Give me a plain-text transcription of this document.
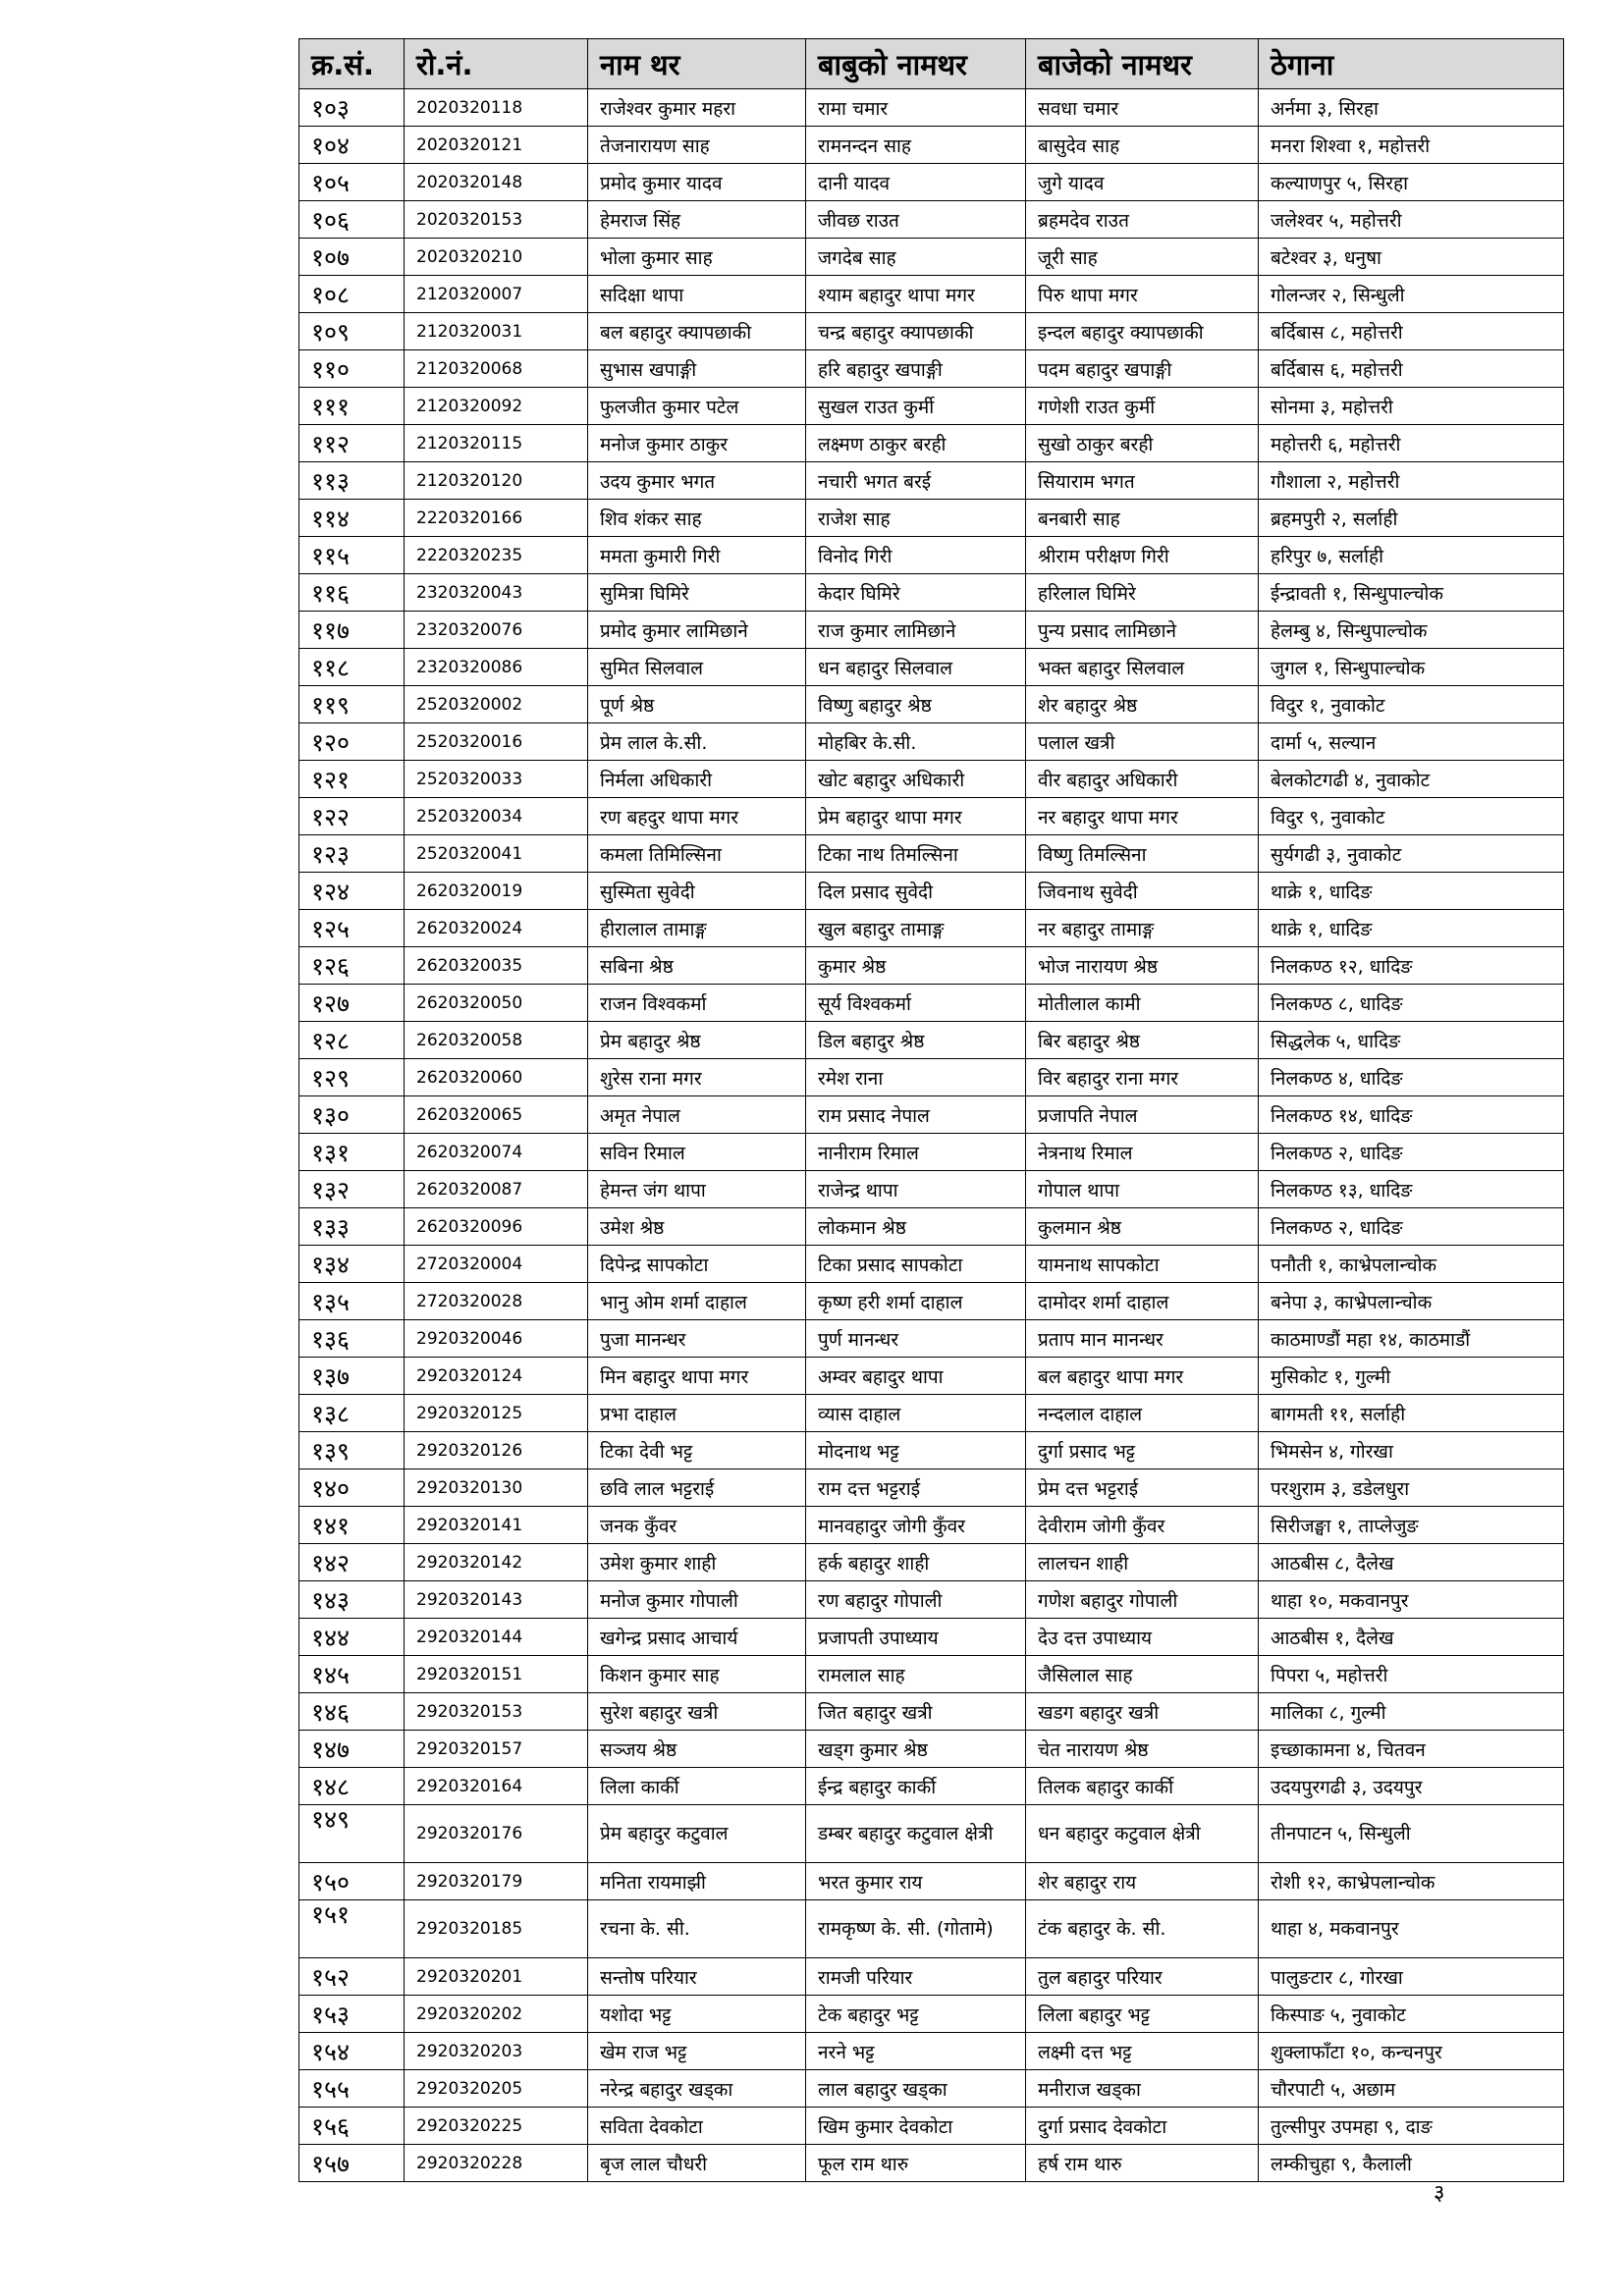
क्र.सं.	रो.नं.	नाम थर	बाबुको नामथर	बाजेको नामथर	ठेगाना
१०३	2020320118	राजेश्वर कुमार महरा	रामा चमार	सवधा चमार	अर्नमा ३, सिरहा
१०४	2020320121	तेजनारायण साह	रामनन्दन साह	बासुदेव साह	मनरा शिश्वा १, महोत्तरी
१०५	2020320148	प्रमोद कुमार यादव	दानी यादव	जुगे यादव	कल्याणपुर ५, सिरहा
१०६	2020320153	हेमराज सिंह	जीवछ राउत	ब्रहमदेव राउत	जलेश्वर ५, महोत्तरी
१०७	2020320210	भोला कुमार साह	जगदेब साह	जूरी साह	बटेश्वर ३, धनुषा
१०८	2120320007	सदिक्षा थापा	श्याम बहादुर थापा मगर	पिरु थापा मगर	गोलन्जर २, सिन्धुली
१०९	2120320031	बल बहादुर क्यापछाकी	चन्द्र बहादुर क्यापछाकी	इन्दल बहादुर क्यापछाकी	बर्दिबास ८, महोत्तरी
११०	2120320068	सुभास खपाङ्गी	हरि बहादुर खपाङ्गी	पदम बहादुर खपाङ्गी	बर्दिबास ६, महोत्तरी
१११	2120320092	फुलजीत कुमार पटेल	सुखल राउत कुर्मी	गणेशी राउत कुर्मी	सोनमा ३, महोत्तरी
११२	2120320115	मनोज कुमार ठाकुर	लक्ष्मण ठाकुर बरही	सुखो ठाकुर बरही	महोत्तरी ६, महोत्तरी
११३	2120320120	उदय कुमार भगत	नचारी भगत बरई	सियाराम भगत	गौशाला २, महोत्तरी
११४	2220320166	शिव शंकर साह	राजेश साह	बनबारी साह	ब्रहमपुरी २, सर्लाही
११५	2220320235	ममता कुमारी गिरी	विनोद गिरी	श्रीराम परीक्षण गिरी	हरिपुर ७, सर्लाही
११६	2320320043	सुमित्रा घिमिरे	केदार घिमिरे	हरिलाल घिमिरे	ईन्द्रावती १, सिन्धुपाल्चोक
११७	2320320076	प्रमोद कुमार लामिछाने	राज कुमार लामिछाने	पुन्य प्रसाद लामिछाने	हेलम्बु ४, सिन्धुपाल्चोक
११८	2320320086	सुमित सिलवाल	धन बहादुर सिलवाल	भक्त बहादुर सिलवाल	जुगल १, सिन्धुपाल्चोक
११९	2520320002	पूर्ण श्रेष्ठ	विष्णु बहादुर श्रेष्ठ	शेर बहादुर श्रेष्ठ	विदुर १, नुवाकोट
१२०	2520320016	प्रेम लाल के.सी.	मोहबिर के.सी.	पलाल खत्री	दार्मा ५, सल्यान
१२१	2520320033	निर्मला अधिकारी	खोट बहादुर अधिकारी	वीर बहादुर अधिकारी	बेलकोटगढी ४, नुवाकोट
१२२	2520320034	रण बहदुर थापा मगर	प्रेम बहादुर थापा मगर	नर बहादुर थापा मगर	विदुर ९, नुवाकोट
१२३	2520320041	कमला तिमिल्सिना	टिका नाथ तिमल्सिना	विष्णु तिमल्सिना	सुर्यगढी ३, नुवाकोट
१२४	2620320019	सुस्मिता सुवेदी	दिल प्रसाद सुवेदी	जिवनाथ सुवेदी	थाक्रे १, धादिङ
१२५	2620320024	हीरालाल तामाङ्ग	खुल बहादुर तामाङ्ग	नर बहादुर तामाङ्ग	थाक्रे १, धादिङ
१२६	2620320035	सबिना श्रेष्ठ	कुमार श्रेष्ठ	भोज नारायण श्रेष्ठ	निलकण्ठ १२, धादिङ
१२७	2620320050	राजन विश्वकर्मा	सूर्य विश्वकर्मा	मोतीलाल कामी	निलकण्ठ ८, धादिङ
१२८	2620320058	प्रेम बहादुर श्रेष्ठ	डिल बहादुर श्रेष्ठ	बिर बहादुर श्रेष्ठ	सिद्धलेक ५, धादिङ
१२९	2620320060	शुरेस राना मगर	रमेश राना	विर बहादुर राना मगर	निलकण्ठ ४, धादिङ
१३०	2620320065	अमृत नेपाल	राम प्रसाद नेपाल	प्रजापति नेपाल	निलकण्ठ १४, धादिङ
१३१	2620320074	सविन रिमाल	नानीराम रिमाल	नेत्रनाथ रिमाल	निलकण्ठ २, धादिङ
१३२	2620320087	हेमन्त जंग थापा	राजेन्द्र थापा	गोपाल थापा	निलकण्ठ १३, धादिङ
१३३	2620320096	उमेश श्रेष्ठ	लोकमान श्रेष्ठ	कुलमान श्रेष्ठ	निलकण्ठ २, धादिङ
१३४	2720320004	दिपेन्द्र सापकोटा	टिका प्रसाद सापकोटा	यामनाथ सापकोटा	पनौती १, काभ्रेपलान्चोक
१३५	2720320028	भानु ओम शर्मा दाहाल	कृष्ण हरी शर्मा दाहाल	दामोदर शर्मा दाहाल	बनेपा ३, काभ्रेपलान्चोक
१३६	2920320046	पुजा मानन्धर	पुर्ण मानन्धर	प्रताप मान मानन्धर	काठमाण्डौं महा १४, काठमाडौं
१३७	2920320124	मिन बहादुर थापा मगर	अम्वर बहादुर थापा	बल बहादुर थापा मगर	मुसिकोट १, गुल्मी
१३८	2920320125	प्रभा दाहाल	व्यास दाहाल	नन्दलाल दाहाल	बागमती ११, सर्लाही
१३९	2920320126	टिका देवी भट्ट	मोदनाथ भट्ट	दुर्गा प्रसाद भट्ट	भिमसेन ४, गोरखा
१४०	2920320130	छवि लाल भट्टराई	राम दत्त भट्टराई	प्रेम दत्त भट्टराई	परशुराम ३, डडेलधुरा
१४१	2920320141	जनक कुँवर	मानवहादुर जोगी कुँवर	देवीराम जोगी कुँवर	सिरीजङ्घा १, ताप्लेजुङ
१४२	2920320142	उमेश कुमार शाही	हर्क बहादुर शाही	लालचन शाही	आठबीस ८, दैलेख
१४३	2920320143	मनोज कुमार गोपाली	रण बहादुर गोपाली	गणेश बहादुर गोपाली	थाहा १०, मकवानपुर
१४४	2920320144	खगेन्द्र प्रसाद आचार्य	प्रजापती उपाध्याय	देउ दत्त उपाध्याय	आठबीस १, दैलेख
१४५	2920320151	किशन कुमार साह	रामलाल साह	जैसिलाल साह	पिपरा ५, महोत्तरी
१४६	2920320153	सुरेश बहादुर खत्री	जित बहादुर खत्री	खडग बहादुर खत्री	मालिका ८, गुल्मी
१४७	2920320157	सञ्जय श्रेष्ठ	खड्ग कुमार श्रेष्ठ	चेत नारायण श्रेष्ठ	इच्छाकामना ४, चितवन
१४८	2920320164	लिला कार्की	ईन्द्र बहादुर कार्की	तिलक बहादुर कार्की	उदयपुरगढी ३, उदयपुर
१४९	2920320176	प्रेम बहादुर कटुवाल	डम्बर बहादुर कटुवाल क्षेत्री	धन बहादुर कटुवाल क्षेत्री	तीनपाटन ५, सिन्धुली
१५०	2920320179	मनिता रायमाझी	भरत कुमार राय	शेर बहादुर राय	रोशी १२, काभ्रेपलान्चोक
१५१	2920320185	रचना के. सी.	रामकृष्ण के. सी. (गोतामे)	टंक बहादुर के. सी.	थाहा ४, मकवानपुर
१५२	2920320201	सन्तोष परियार	रामजी परियार	तुल बहादुर परियार	पालुङटार ८, गोरखा
१५३	2920320202	यशोदा भट्ट	टेक बहादुर भट्ट	लिला बहादुर भट्ट	किस्पाङ ५, नुवाकोट
१५४	2920320203	खेम राज भट्ट	नरने भट्ट	लक्ष्मी दत्त भट्ट	शुक्लाफाँटा १०, कन्चनपुर
१५५	2920320205	नरेन्द्र बहादुर खड्का	लाल बहादुर खड्का	मनीराज खड्का	चौरपाटी ५, अछाम
१५६	2920320225	सविता देवकोटा	खिम कुमार देवकोटा	दुर्गा प्रसाद देवकोटा	तुल्सीपुर उपमहा ९, दाङ
१५७	2920320228	बृज लाल चौधरी	फूल राम थारु	हर्ष राम थारु	लम्कीचुहा ९, कैलाली
३
